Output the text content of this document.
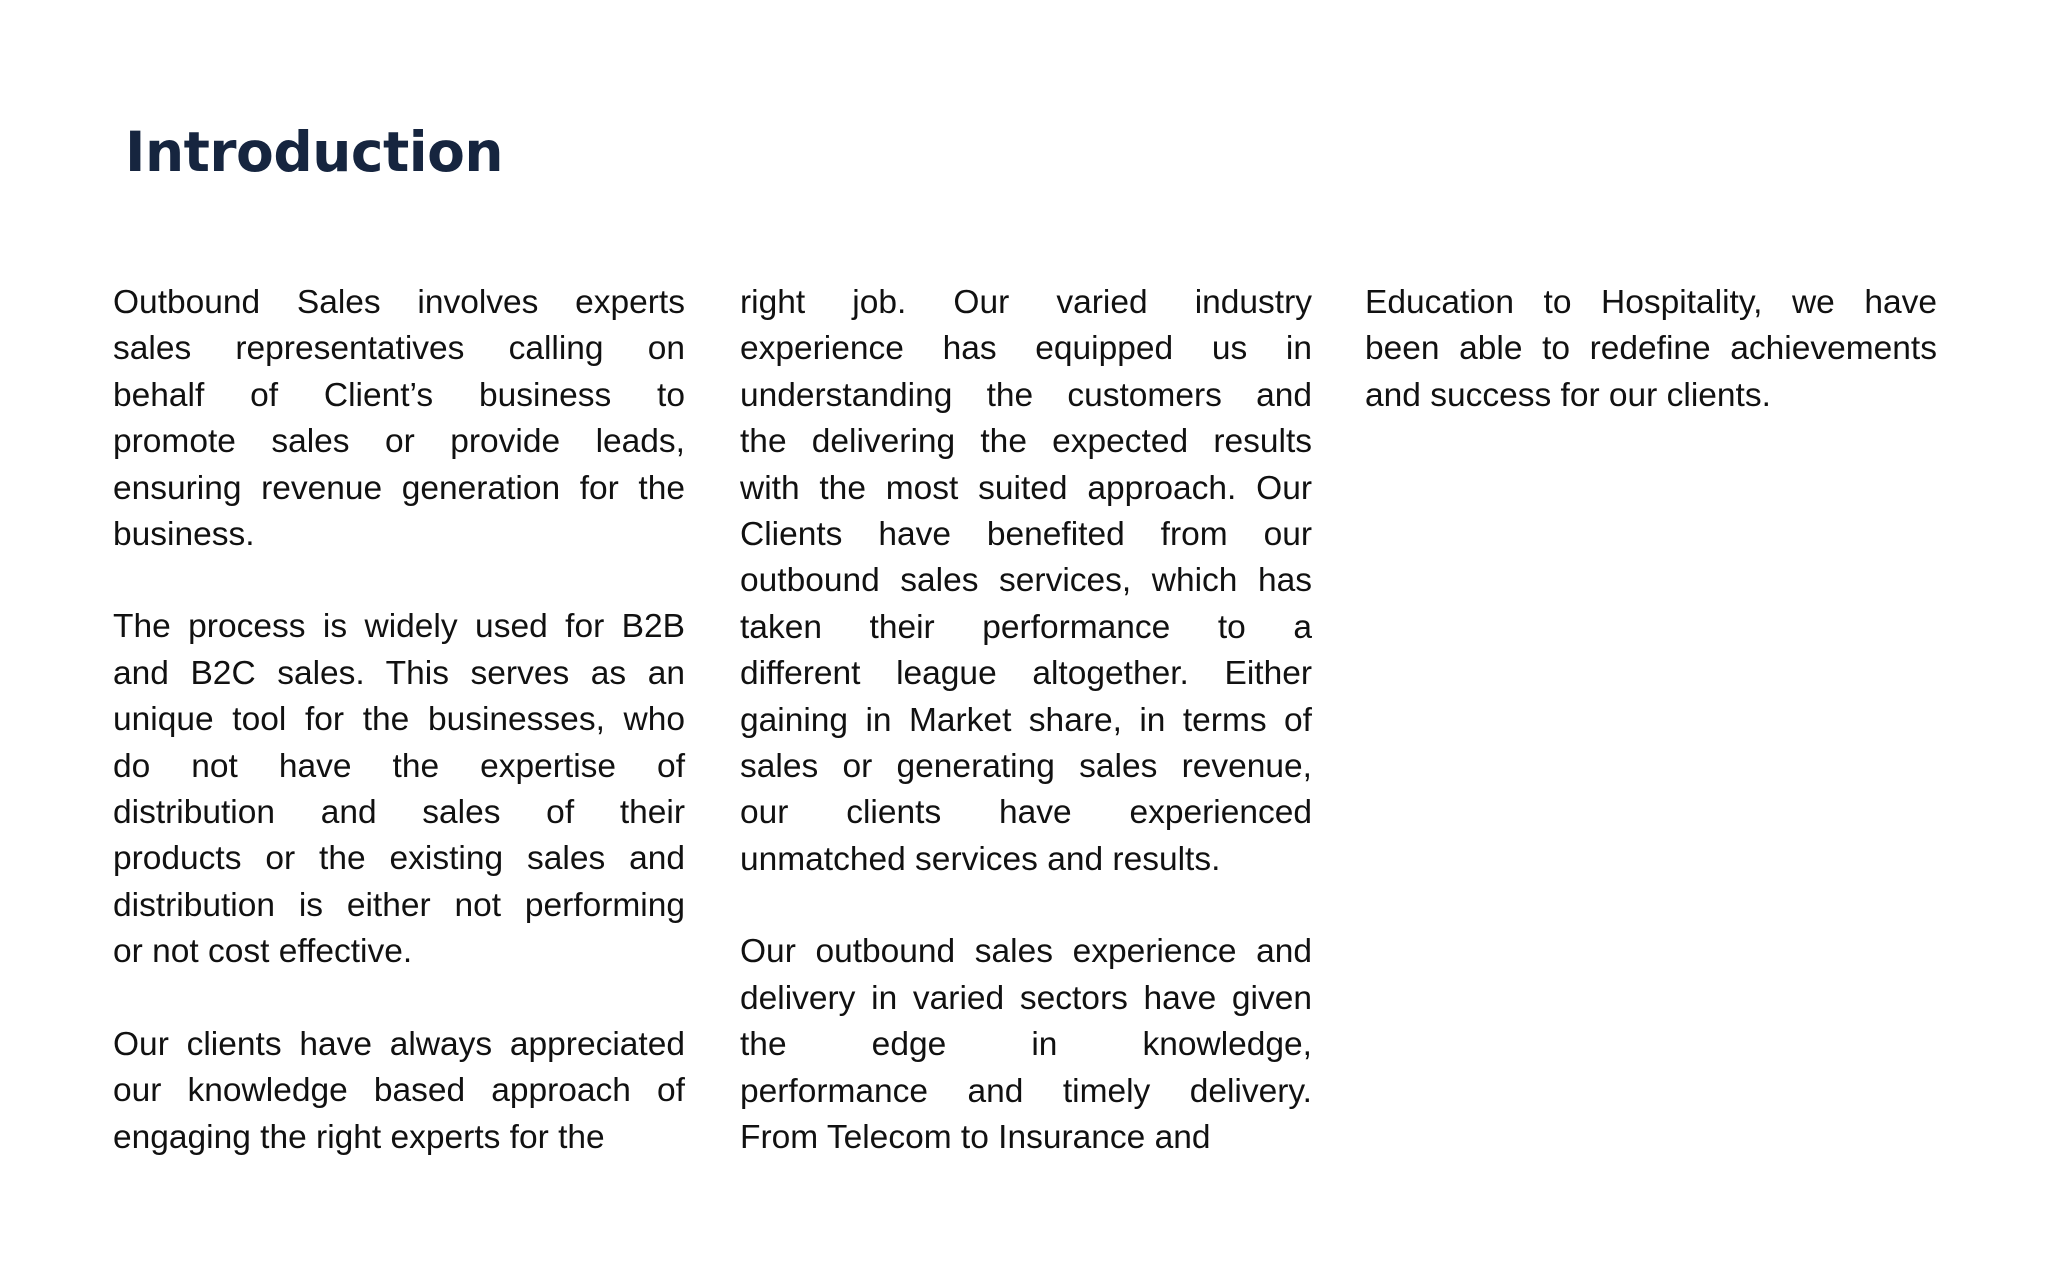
Introduction

Outbound Sales involves experts
sales representatives calling on
behalf of Client’s business to
promote sales or provide leads,
ensuring revenue generation for the
business.

The process is widely used for B2B
and B2C sales. This serves as an
unique tool for the businesses, who
do not have the expertise of
distribution and sales of their
products or the existing sales and
distribution is either not performing
or not cost effective.

Our clients have always appreciated
our knowledge based approach of
engaging the right experts for the

right job. Our varied industry
experience has equipped us in
understanding the customers and
the delivering the expected results
with the most suited approach. Our
Clients have benefited from our
outbound sales services, which has
taken their performance to a
different league altogether. Either
gaining in Market share, in terms of
sales or generating sales revenue,
our clients have experienced
unmatched services and results.

Our outbound sales experience and
delivery in varied sectors have given
the edge in knowledge,
performance and timely delivery.
From Telecom to Insurance and

Education to Hospitality, we have
been able to redefine achievements
and success for our clients.
